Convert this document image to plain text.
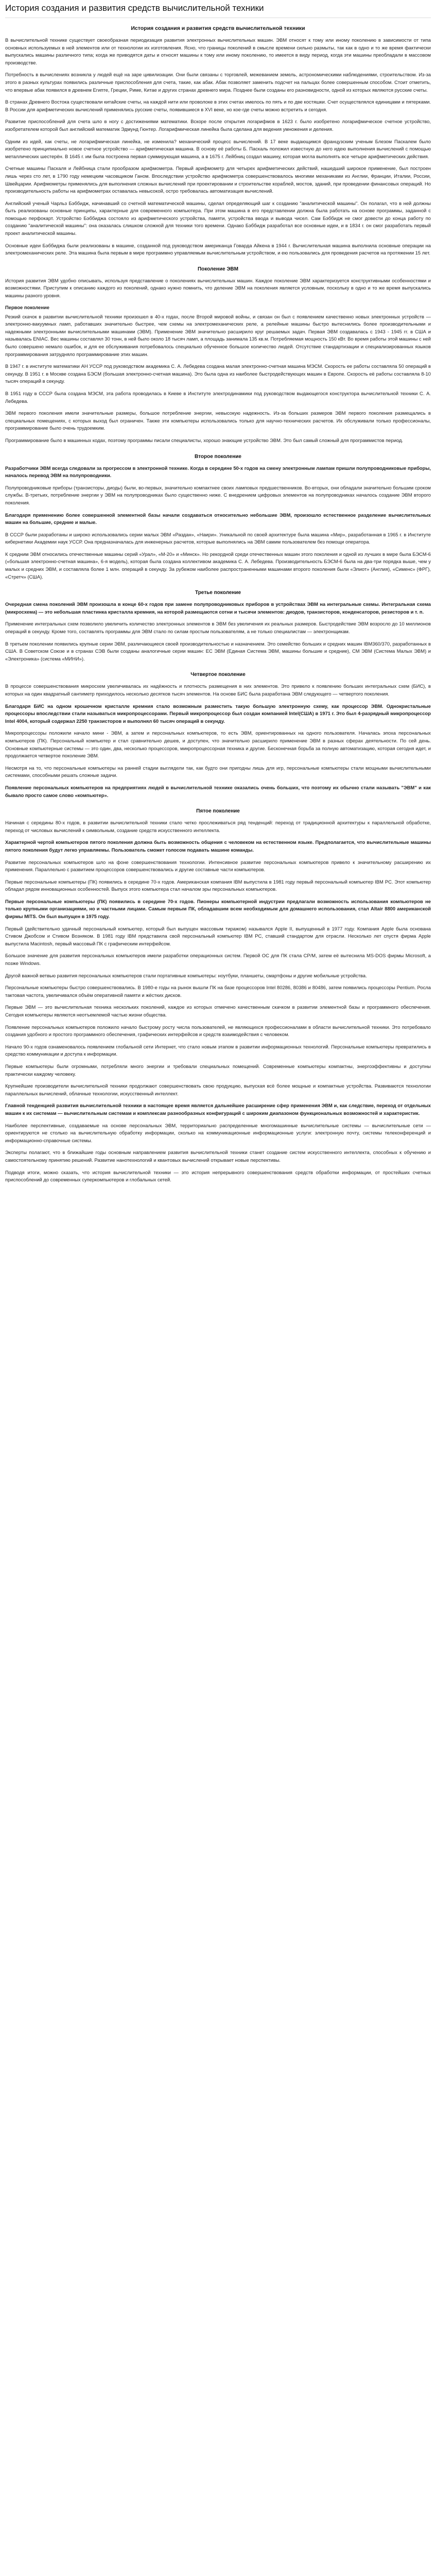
История создания и развития средств вычислительной техники
История создания и развития средств вычислительной техники

В вычислительной технике существует своеобразная периодизация развития электронных вычислительных машин. ЭВМ относят к тому или иному поколению в зависимости от типа основных используемых в ней элементов или от технологии их изготовления. Ясно, что границы поколений в смысле времени сильно размыты, так как в одно и то же время фактически выпускались машины различного типа; когда же приводятся даты и относят машины к тому или иному поколению, то имеется в виду период, когда эти машины преобладали в массовом производстве.

Потребность в вычислениях возникла у людей ещё на заре цивилизации. Они были связаны с торговлей, межеванием земель, астрономическими наблюдениями, строительством. Из-за этого в разных культурах появились различные приспособления для счета, такие, как абак. Абак позволяет заменить подсчет на пальцах более совершенным способом. Стоит отметить, что впервые абак появился в древнем Египте, Греции, Риме, Китае и других странах древнего мира. Позднее были созданы его разновидности, одной из которых являются русские счеты.

В странах Древнего Востока существовали китайские счеты, на каждой нити или проволоке в этих счетах имелось по пять и по две костяшки. Счет осуществлялся единицами и пятерками. В России для арифметических вычислений применялись русские счеты, появившиеся в XVI веке, но кое-где счеты можно встретить и сегодня.

Развитие приспособлений для счета шло в ногу с достижениями математики. Вскоре после открытия логарифмов в 1623 г. было изобретено логарифмическое счетное устройство, изобретателем которой был английский математик Эдмунд Гюнтер. Логарифмическая линейка была сделана для ведения умножения и деления.

Одним из идей, как счеты, не логарифмическая линейка, не изменила? механический процесс вычислений. В 17 веке выдающимся французским ученым Блезом Паскалем было изобретено принципиально новое счетное устройство — арифметическая машина. В основу её работы Б. Паскаль положил известную до него идею выполнения вычислений с помощью металлических шестерён. В 1645 г. им была построена первая суммирующая машина, а в 1675 г. Лейбниц создал машину, которая могла выполнять все четыре арифметических действия.

Счетные машины Паскаля и Лейбница стали прообразом арифмометра. Первый арифмометр для четырех арифметических действий, нашедший широкое применение, был построен лишь через сто лет, в 1790 году немецким часовщиком Ганом. Впоследствии устройство арифмометра совершенствовалось многими механиками из Англии, Франции, Италии, России, Швейцарии. Арифмометры применялись для выполнения сложных вычислений при проектировании и строительстве кораблей, мостов, зданий, при проведении финансовых операций. Но производительность работы на арифмометрах оставалась невысокой, остро требовалась автоматизация вычислений.

Английский ученый Чарльз Бэббидж, начинавший со счетной математической машины, сделал определяющий шаг к созданию "аналитической машины". Он полагал, что в ней должны быть реализованы основные принципы, характерные для современного компьютера. При этом машина в его представлении должна была работать на основе программы, заданной с помощью перфокарт. Устройство Бэббиджа состояло из арифметического устройства, памяти, устройства ввода и вывода чисел. Сам Бэббидж не смог довести до конца работу по созданию "аналитической машины": она оказалась слишком сложной для техники того времени. Однако Бэббидж разработал все основные идеи, и в 1834 г. он смог разработать первый проект аналитической машины.

Основные идеи Бэббиджа были реализованы в машине, созданной под руководством американца Говарда Айкена в 1944 г. Вычислительная машина выполнила основные операции на электромеханических реле. Эта машина была первым в мире программно управляемым вычислительным устройством, и ею пользовались для проведения расчетов на протяжении 15 лет.

Поколение ЭВМ

История развития ЭВМ удобно описывать, используя представление о поколениях вычислительных машин. Каждое поколение ЭВМ характеризуется конструктивными особенностями и возможностями. Приступим к описанию каждого из поколений, однако нужно помнить, что деление ЭВМ на поколения является условным, поскольку в одно и то же время выпускались машины разного уровня.

Первое поколение

Резкий скачок в развитии вычислительной техники произошел в 40-х годах, после Второй мировой войны, и связан он был с появлением качественно новых электронных устройств — электронно-вакуумных ламп, работавших значительно быстрее, чем схемы на электромеханических реле, а релейные машины быстро вытеснились более производительными и надежными электронными вычислительными машинами (ЭВМ). Применение ЭВМ значительно расширило круг решаемых задач. Первая ЭВМ создавалась с 1943 - 1945 гг. в США и называлась ENIAC. Вес машины составлял 30 тонн, в ней было около 18 тысяч ламп, а площадь занимала 135 кв.м. Потребляемая мощность 150 кВт. Во время работы этой машины с ней было совершено немало ошибок, и для ее обслуживания потребовалось специально обученное большое количество людей. Отсутствие стандартизации и специализированных языков программирования затрудняло программирование этих машин.

В 1947 г. в институте математики АН УССР под руководством академика С. А. Лебедева создана малая электронно-счетная машина МЭСМ. Скорость ее работы составляла 50 операций в секунду. В 1951 г. в Москве создана БЭСМ (большая электронно-счетная машина). Это была одна из наиболее быстродействующих машин в Европе. Скорость её работы составляла 8-10 тысяч операций в секунду.

В 1951 году в СССР была создана МЭСМ, эта работа проводилась в Киеве в Институте электродинамики под руководством выдающегося конструктора вычислительной техники С. А. Лебедева.

ЭВМ первого поколения имели значительные размеры, большое потребление энергии, невысокую надежность. Из-за больших размеров ЭВМ первого поколения размещались в специальных помещениях, с которых выход был ограничен. Также эти компьютеры использовались только для научно-технических расчетов. Их обслуживали только профессионалы, программирование было очень трудоемким.

Программирование было в машинных кодах, поэтому программы писали специалисты, хорошо знающие устройство ЭВМ. Это был самый сложный для программистов период.

Второе поколение

Разработчики ЭВМ всегда следовали за прогрессом в электронной технике. Когда в середине 50-х годов на смену электронным лампам пришли полупроводниковые приборы, началось перевод ЭВМ на полупроводники.

Полупроводниковые приборы (транзисторы, диоды) были, во-первых, значительно компактнее своих ламповых предшественников. Во-вторых, они обладали значительно большим сроком службы. В-третьих, потребление энергии у ЭВМ на полупроводниках было существенно ниже. С внедрением цифровых элементов на полупроводниках началось создание ЭВМ второго поколения.

Благодаря применению более совершенной элементной базы начали создаваться относительно небольшие ЭВМ, произошло естественное разделение вычислительных машин на большие, средние и малые.

В СССР были разработаны и широко использовались серии малых ЭВМ «Раздан», «Наири». Уникальной по своей архитектуре была машина «Мир», разработанная в 1965 г. в Институте кибернетики Академии наук УССР. Она предназначалась для инженерных расчетов, которые выполнялись на ЭВМ самим пользователем без помощи оператора.

К средним ЭВМ относились отечественные машины серий «Урал», «М-20» и «Минск». Но рекордной среди отечественных машин этого поколения и одной из лучших в мире была БЭСМ-6 («большая электронно-счетная машина», 6-я модель), которая была создана коллективом академика С. А. Лебедева. Производительность БЭСМ-6 была на два-три порядка выше, чем у малых и средних ЭВМ, и составляла более 1 млн. операций в секунду. За рубежом наиболее распространенными машинами второго поколения были «Элиот» (Англия), «Сименс» (ФРГ), «Стретч» (США).

Третье поколение

Очередная смена поколений ЭВМ произошла в конце 60-х годов при замене полупроводниковых приборов в устройствах ЭВМ на интегральные схемы. Интегральная схема (микросхема) — это небольшая пластинка кристалла кремния, на которой размещаются сотни и тысячи элементов: диодов, транзисторов, конденсаторов, резисторов и т. п.

Применение интегральных схем позволило увеличить количество электронных элементов в ЭВМ без увеличения их реальных размеров. Быстродействие ЭВМ возросло до 10 миллионов операций в секунду. Кроме того, составлять программы для ЭВМ стало по силам простым пользователям, а не только специалистам — электронщикам.

В третьем поколении появились крупные серии ЭВМ, различающиеся своей производительностью и назначением. Это семейство больших и средних машин IBM360/370, разработанных в США. В Советском Союзе и в странах СЭВ были созданы аналогичные серии машин: ЕС ЭВМ (Единая Система ЭВМ, машины большие и средние), СМ ЭВМ (Система Малых ЭВМ) и «Электроника» (система «МИНИ»).

Четвертое поколение

В процессе совершенствования микросхем увеличивалась их надёжность и плотность размещения в них элементов. Это привело к появлению больших интегральных схем (БИС), в которых на один квадратный сантиметр приходилось несколько десятков тысяч элементов. На основе БИС была разработана ЭВМ следующего — четвертого поколения.

Благодаря БИС на одном крошечном кристалле кремния стало возможным разместить такую большую электронную схему, как процессор ЭВМ. Однокристальные процессоры впоследствии стали называться микропроцессорами. Первый микропроцессор был создан компанией Intel(США) в 1971 г. Это был 4-разрядный микропроцессор Intel 4004, который содержал 2250 транзисторов и выполнял 60 тысяч операций в секунду.

Микропроцессоры положили начало мини - ЭВМ, а затем и персональных компьютеров, то есть ЭВМ, ориентированных на одного пользователя. Началась эпоха персональных компьютеров (ПК). Персональный компьютер и стал сравнительно дешев, и доступен, что значительно расширило применение ЭВМ в разных сферах деятельности. По сей день. Основные компьютерные системы — это один, два, несколько процессоров, микропроцессорная техника и другие. Бесконечная борьба за полную автоматизацию, которая сегодня идет, и продолжается четвертое поколение ЭВМ.

Несмотря на то, что персональные компьютеры на ранней стадии выглядели так, как будто они пригодны лишь для игр, персональные компьютеры стали мощными вычислительными системами, способными решать сложные задачи.

Появление персональных компьютеров на предприятиях людей в вычислительной технике оказались очень больших, что поэтому их обычно стали называть "ЭВМ" и как бывало просто самое слово «компьютер».

Пятое поколение

Начиная с середины 80-х годов, в развитии вычислительной техники стало четко прослеживаться ряд тенденций: переход от традиционной архитектуры к параллельной обработке, переход от числовых вычислений к символьным, создание средств искусственного интеллекта.

Характерной чертой компьютеров пятого поколения должна быть возможность общения с человеком на естественном языке. Предполагается, что вычислительные машины пятого поколения будут легко управляемы. Пользователь сможет голосом подавать машине команды.

Развитие персональных компьютеров шло на фоне совершенствования технологии. Интенсивное развитие персональных компьютеров привело к значительному расширению их применения. Параллельно с развитием процессоров совершенствовались и другие составные части компьютеров.

Первые персональные компьютеры (ПК) появились в середине 70-х годов. Американская компания IBM выпустила в 1981 году первый персональный компьютер IBM PC. Этот компьютер обладал рядом инновационных особенностей. Выпуск этого компьютера стал началом эры персональных компьютеров.

Первые персональные компьютеры (ПК) появились в середине 70-х годов. Пионеры компьютерной индустрии предлагали возможность использования компьютеров не только крупными организациями, но и частными лицами. Самым первым ПК, обладавшим всем необходимым для домашнего использования, стал Altair 8800 американской фирмы MITS. Он был выпущен в 1975 году.

Первый (действительно удачный персональный компьютер, который был выпущен массовым тиражом) назывался Apple II, выпущенный в 1977 году. Компания Apple была основана Стивом Джобсом и Стивом Возняком. В 1981 году IBM представила свой персональный компьютер IBM PC, ставший стандартом для отрасли. Несколько лет спустя фирма Apple выпустила Macintosh, первый массовый ПК с графическим интерфейсом.

Большое значение для развития персональных компьютеров имели разработки операционных систем. Первой ОС для ПК стала CP/M, затем её вытеснила MS-DOS фирмы Microsoft, а позже Windows.

Другой важной ветвью развития персональных компьютеров стали портативные компьютеры: ноутбуки, планшеты, смартфоны и другие мобильные устройства.

Персональные компьютеры быстро совершенствовались. В 1980-е годы на рынок вышли ПК на базе процессоров Intel 80286, 80386 и 80486, затем появились процессоры Pentium. Росла тактовая частота, увеличивался объём оперативной памяти и жёстких дисков.

Первые ЭВМ — это вычислительная техника нескольких поколений, каждое из которых отмечено качественным скачком в развитии элементной базы и программного обеспечения. Сегодня компьютеры являются неотъемлемой частью жизни общества.

Появление персональных компьютеров положило начало быстрому росту числа пользователей, не являющихся профессионалами в области вычислительной техники. Это потребовало создания удобного и простого программного обеспечения, графических интерфейсов и средств взаимодействия с человеком.

Начало 90-х годов ознаменовалось появлением глобальной сети Интернет, что стало новым этапом в развитии информационных технологий. Персональные компьютеры превратились в средство коммуникации и доступа к информации.

Первые компьютеры были огромными, потребляли много энергии и требовали специальных помещений. Современные компьютеры компактны, энергоэффективны и доступны практически каждому человеку.

Крупнейшие производители вычислительной техники продолжают совершенствовать свою продукцию, выпуская всё более мощные и компактные устройства. Развиваются технологии параллельных вычислений, облачные технологии, искусственный интеллект.

Главной тенденцией развития вычислительной техники в настоящее время является дальнейшее расширение сфер применения ЭВМ и, как следствие, переход от отдельных машин к их системам — вычислительным системам и комплексам разнообразных конфигураций с широким диапазоном функциональных возможностей и характеристик.

Наиболее перспективные, создаваемые на основе персональных ЭВМ, территориально распределенные многомашинные вычислительные системы — вычислительные сети — ориентируются не столько на вычислительную обработку информации, сколько на коммуникационные информационные услуги: электронную почту, системы телеконференций и информационно-справочные системы.

Эксперты полагают, что в ближайшие годы основным направлением развития вычислительной техники станет создание систем искусственного интеллекта, способных к обучению и самостоятельному принятию решений. Развитие нанотехнологий и квантовых вычислений открывает новые перспективы.

Подводя итоги, можно сказать, что история вычислительной техники — это история непрерывного совершенствования средств обработки информации, от простейших счетных приспособлений до современных суперкомпьютеров и глобальных сетей.
